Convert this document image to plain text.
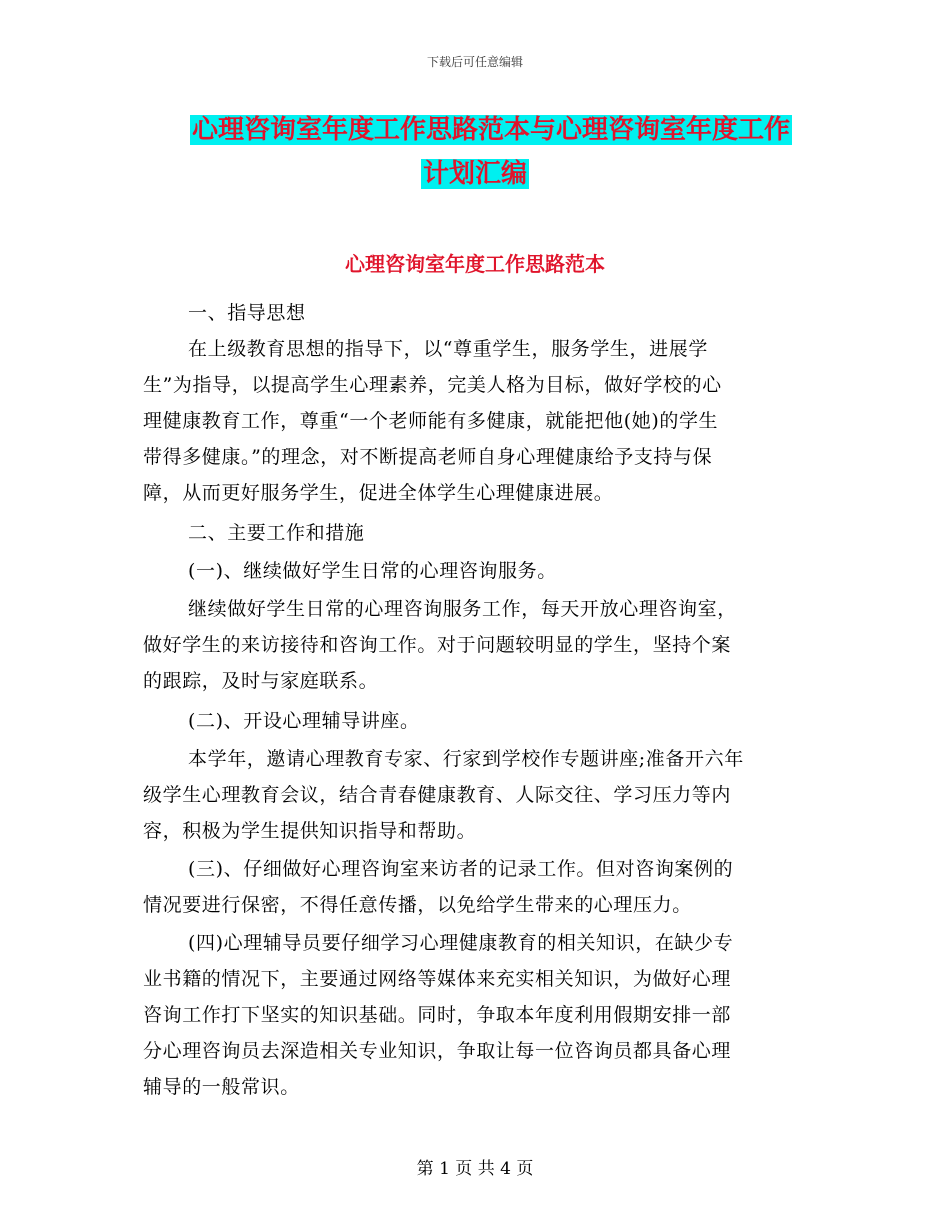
下载后可任意编辑
心理咨询室年度工作思路范本与心理咨询室年度工作
计划汇编
心理咨询室年度工作思路范本
一、指导思想
在上级教育思想的指导下，以“尊重学生，服务学生，进展学
生”为指导，以提高学生心理素养，完美人格为目标，做好学校的心
理健康教育工作，尊重“一个老师能有多健康，就能把他(她)的学生
带得多健康。”的理念，对不断提高老师自身心理健康给予支持与保
障，从而更好服务学生，促进全体学生心理健康进展。
二、主要工作和措施
(一)、继续做好学生日常的心理咨询服务。
继续做好学生日常的心理咨询服务工作，每天开放心理咨询室，
做好学生的来访接待和咨询工作。对于问题较明显的学生，坚持个案
的跟踪，及时与家庭联系。
(二)、开设心理辅导讲座。
本学年，邀请心理教育专家、行家到学校作专题讲座;准备开六年
级学生心理教育会议，结合青春健康教育、人际交往、学习压力等内
容，积极为学生提供知识指导和帮助。
(三)、仔细做好心理咨询室来访者的记录工作。但对咨询案例的
情况要进行保密，不得任意传播，以免给学生带来的心理压力。
(四)心理辅导员要仔细学习心理健康教育的相关知识，在缺少专
业书籍的情况下，主要通过网络等媒体来充实相关知识，为做好心理
咨询工作打下坚实的知识基础。同时，争取本年度利用假期安排一部
分心理咨询员去深造相关专业知识，争取让每一位咨询员都具备心理
辅导的一般常识。
第 1 页 共 4 页
